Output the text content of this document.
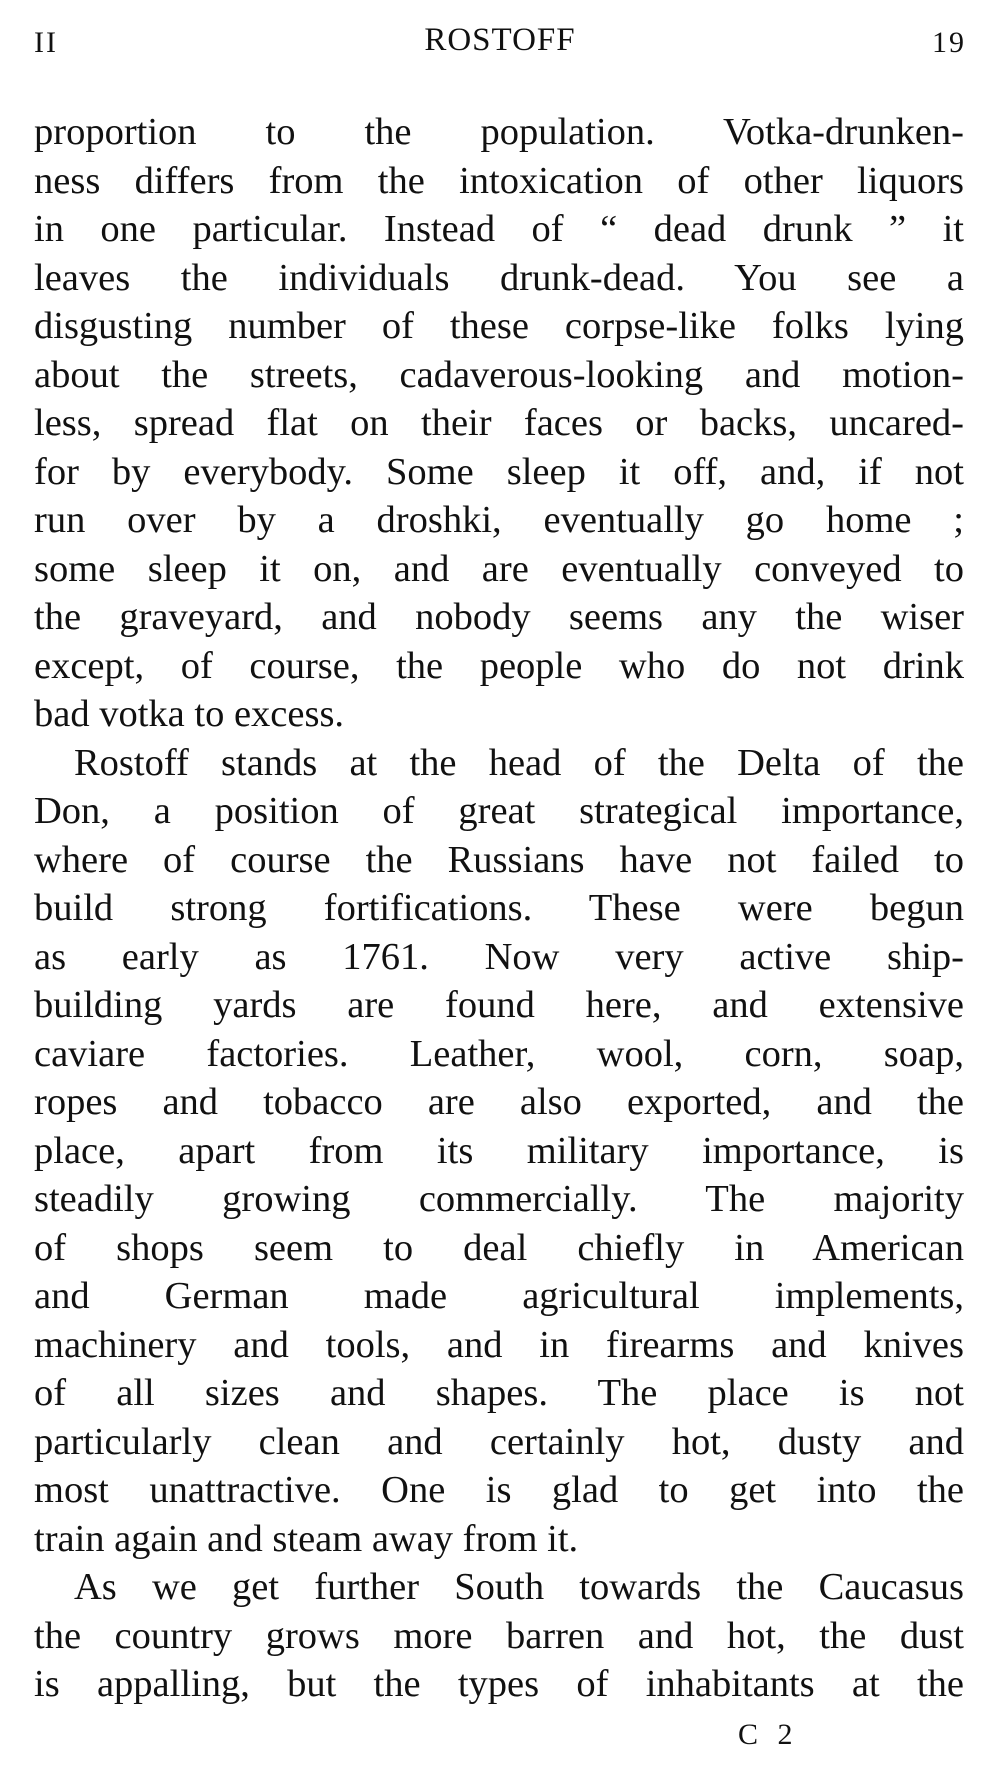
II	ROSTOFF	19
proportion to the population. Votka-drunken-
ness differs from the intoxication of other liquors
in one particular. Instead of “ dead drunk ” it
leaves the individuals drunk-dead. You see a
disgusting number of these corpse-like folks lying
about the streets, cadaverous-looking and motion-
less, spread flat on their faces or backs, uncared-
for by everybody. Some sleep it off, and, if not
run over by a droshki, eventually go home ;
some sleep it on, and are eventually conveyed to
the graveyard, and nobody seems any the wiser
except, of course, the people who do not drink
bad votka to excess.
Rostoff stands at the head of the Delta of the
Don, a position of great strategical importance,
where of course the Russians have not failed to
build strong fortifications. These were begun
as early as 1761. Now very active ship-
building yards are found here, and extensive
caviare factories. Leather, wool, corn, soap,
ropes and tobacco are also exported, and the
place, apart from its military importance, is
steadily growing commercially. The majority
of shops seem to deal chiefly in American
and German made agricultural implements,
machinery and tools, and in firearms and knives
of all sizes and shapes. The place is not
particularly clean and certainly hot, dusty and
most unattractive. One is glad to get into the
train again and steam away from it.
As we get further South towards the Caucasus
the country grows more barren and hot, the dust
is appalling, but the types of inhabitants at the
C 2
